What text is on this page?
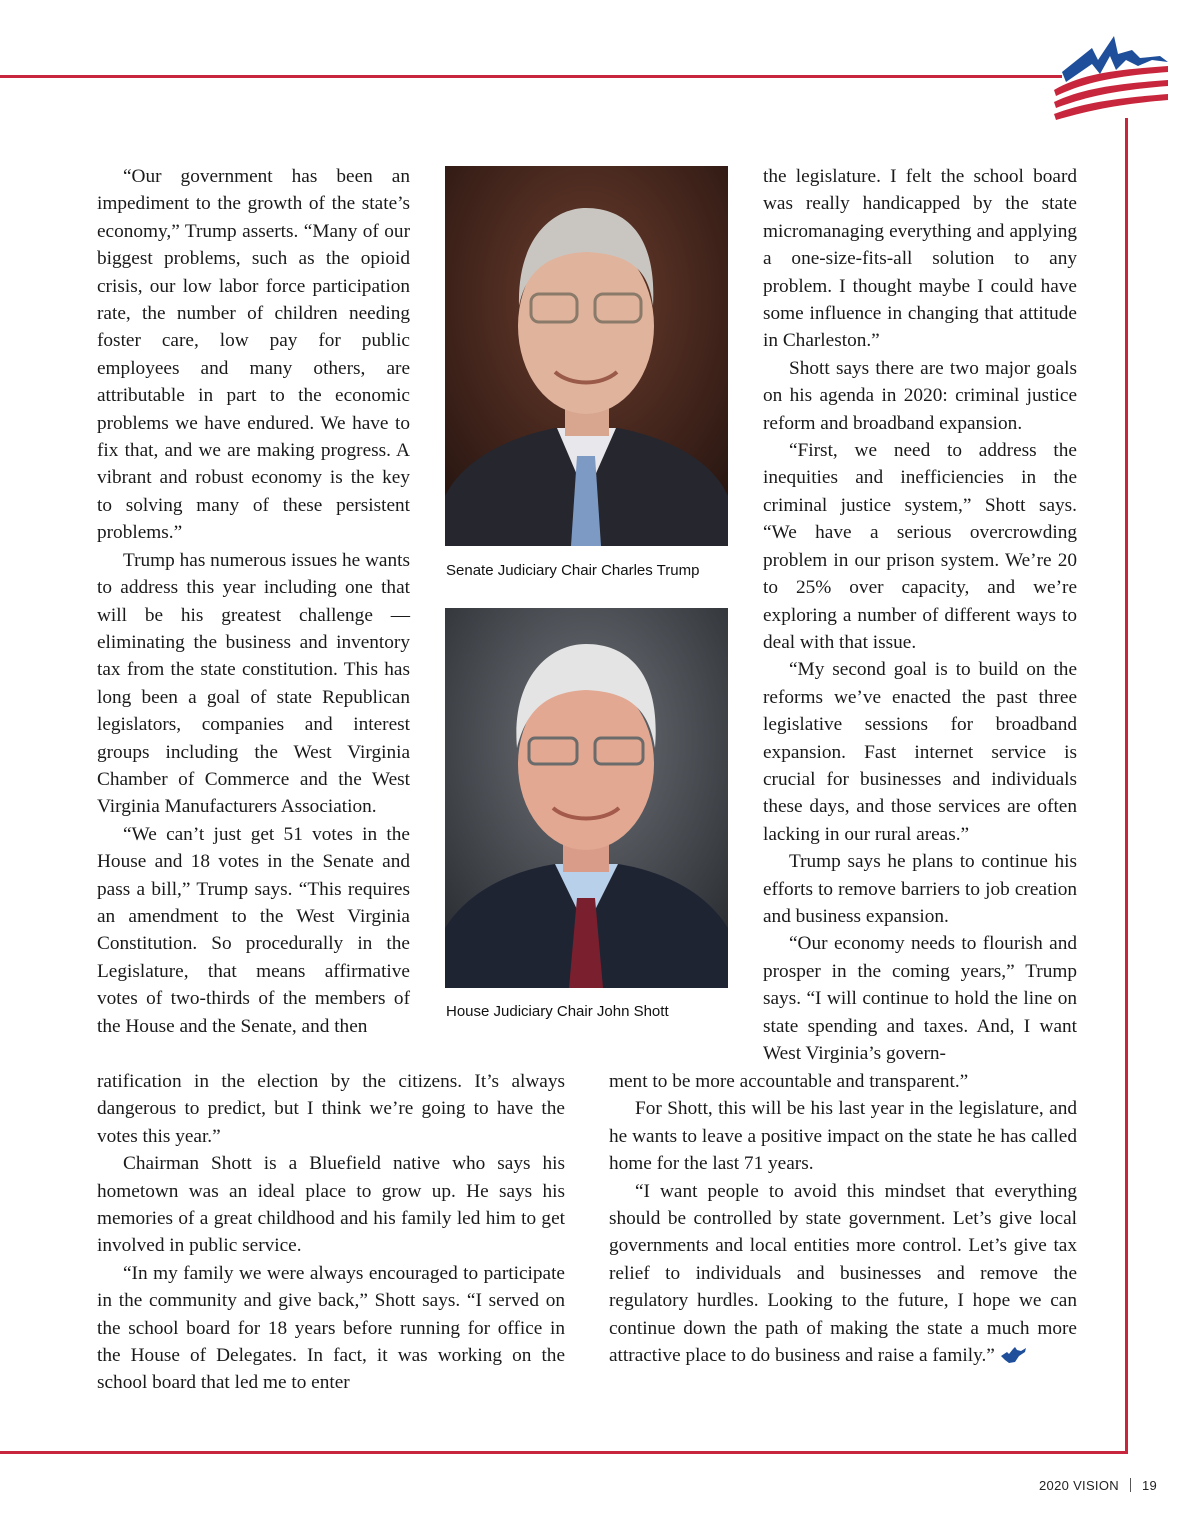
“Our government has been an impediment to the growth of the state’s economy,” Trump asserts. “Many of our biggest problems, such as the opioid crisis, our low labor force participation rate, the number of children needing foster care, low pay for public employees and many others, are attributable in part to the economic problems we have endured. We have to fix that, and we are making progress. A vibrant and robust economy is the key to solving many of these persistent problems.”

Trump has numerous issues he wants to address this year including one that will be his greatest challenge — eliminating the business and inventory tax from the state constitution. This has long been a goal of state Republican legislators, companies and interest groups including the West Virginia Chamber of Commerce and the West Virginia Manufacturers Association.

“We can’t just get 51 votes in the House and 18 votes in the Senate and pass a bill,” Trump says. “This requires an amendment to the West Virginia Constitution. So procedurally in the Legislature, that means affirmative votes of two-thirds of the members of the House and the Senate, and then

ratification in the election by the citizens. It’s always dangerous to predict, but I think we’re going to have the votes this year.”

Chairman Shott is a Bluefield native who says his hometown was an ideal place to grow up. He says his memories of a great childhood and his family led him to get involved in public service.

“In my family we were always encouraged to participate in the community and give back,” Shott says. “I served on the school board for 18 years before running for office in the House of Delegates. In fact, it was working on the school board that led me to enter

the legislature. I felt the school board was really handicapped by the state micromanaging everything and applying a one-size-fits-all solution to any problem. I thought maybe I could have some influence in changing that attitude in Charleston.”

Shott says there are two major goals on his agenda in 2020: criminal justice reform and broadband expansion.

“First, we need to address the inequities and inefficiencies in the criminal justice system,” Shott says. “We have a serious overcrowding problem in our prison system. We’re 20 to 25% over capacity, and we’re exploring a number of different ways to deal with that issue.

“My second goal is to build on the reforms we’ve enacted the past three legislative sessions for broadband expansion. Fast internet service is crucial for businesses and individuals these days, and those services are often lacking in our rural areas.”

Trump says he plans to continue his efforts to remove barriers to job creation and business expansion.

“Our economy needs to flourish and prosper in the coming years,” Trump says. “I will continue to hold the line on state spending and taxes. And, I want West Virginia’s govern-

ment to be more accountable and transparent.”

For Shott, this will be his last year in the legislature, and he wants to leave a positive impact on the state he has called home for the last 71 years.

“I want people to avoid this mindset that everything should be controlled by state government. Let’s give local governments and local entities more control. Let’s give tax relief to individuals and businesses and remove the regulatory hurdles. Looking to the future, I hope we can continue down the path of making the state a much more attractive place to do business and raise a family.”

Senate Judiciary Chair Charles Trump
House Judiciary Chair John Shott
2020 VISION 19
